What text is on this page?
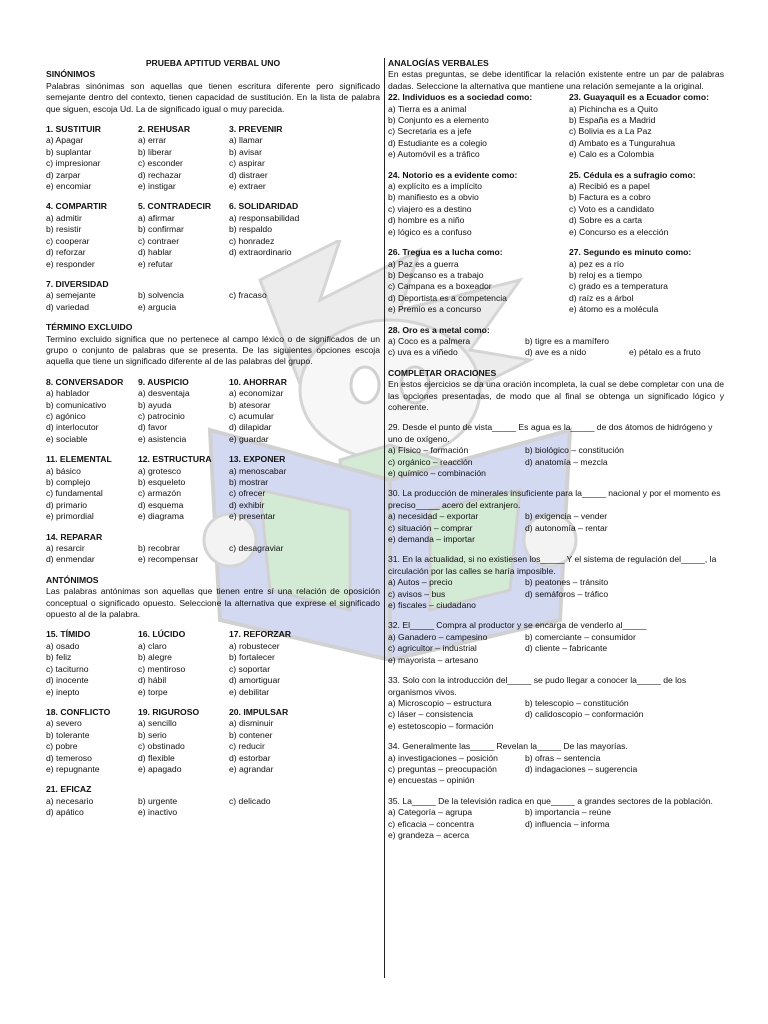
PRUEBA APTITUD VERBAL UNO
SINÓNIMOS
Palabras sinónimas son aquellas que tienen escritura diferente pero significado semejante dentro del contexto, tienen capacidad de sustitución. En la lista de palabra que siguen, escoja Ud. La de significado igual o muy parecida.
1. SUSTITUIR
a) Apagar
b) suplantar
c) impresionar
d) zarpar
e) encomiar
2. REHUSAR
a) errar
b) liberar
c) esconder
d) rechazar
e) instigar
3. PREVENIR
a) llamar
b) avisar
c) aspirar
d) distraer
e) extraer
4. COMPARTIR
a) admitir
b) resistir
c) cooperar
d) reforzar
e) responder
5. CONTRADECIR
a) afirmar
b) confirmar
c) contraer
d) hablar
e) refutar
6. SOLIDARIDAD
a) responsabilidad
b) respaldo
c) honradez
d) extraordinario

7. DIVERSIDAD
a) semejante	b) solvencia	c) fracaso
d) variedad	e) argucia
TÉRMINO EXCLUIDO
Termino excluido significa que no pertenece al campo léxico o de significados de un grupo o conjunto de palabras que se presenta. De las siguientes opciones escoja aquella que tiene un significado diferente al de las palabras del grupo.
8. CONVERSADOR
a) hablador
b) comunicativo
c) agónico
d) interlocutor
e) sociable
9. AUSPICIO
a) desventaja
b) ayuda
c) patrocinio
d) favor
e) asistencia
10. AHORRAR
a) economizar
b) atesorar
c) acumular
d) dilapidar
e) guardar
11. ELEMENTAL
a) básico
b) complejo
c) fundamental
d) primario
e) primordial
12. ESTRUCTURA
a) grotesco
b) esqueleto
c) armazón
d) esquema
e) diagrama
13. EXPONER
a) menoscabar
b) mostrar
c) ofrecer
d) exhibir
e) presentar
14. REPARAR
a) resarcir	b) recobrar	c) desagraviar
d) enmendar	e) recompensar
ANTÓNIMOS
Las palabras antónimas son aquellas que tienen entre sí una relación de oposición conceptual o significado opuesto. Seleccione la alternativa que exprese el significado opuesto al de la palabra.
15. TÍMIDO
a) osado
b) feliz
c) taciturno
d) inocente
e) inepto
16. LÚCIDO
a) claro
b) alegre
c) mentiroso
d) hábil
e) torpe
17. REFORZAR
a) robustecer
b) fortalecer
c) soportar
d) amortiguar
e) debilitar
18. CONFLICTO
a) severo
b) tolerante
c) pobre
d) temeroso
e) repugnante
19. RIGUROSO
a) sencillo
b) serio
c) obstinado
d) flexible
e) apagado
20. IMPULSAR
a) disminuir
b) contener
c) reducir
d) estorbar
e) agrandar
21. EFICAZ
a) necesario	b) urgente	c) delicado
d) apático	e) inactivo
ANALOGÍAS VERBALES
En estas preguntas, se debe identificar la relación existente entre un par de palabras dadas. Seleccione la alternativa que mantiene una relación semejante a la original.
22. Individuos es a sociedad como:
a) Tierra es a animal
b) Conjunto es a elemento
c) Secretaria es a jefe
d) Estudiante es a colegio
e) Automóvil es a tráfico
23. Guayaquil es a Ecuador como:
a) Pichincha es a Quito
b) España es a Madrid
c) Bolivia es a La Paz
d) Ambato es a Tungurahua
e) Calo es a Colombia
24. Notorio es a evidente como:
a) explícito es a implícito
b) manifiesto es a obvio
c) viajero es a destino
d) hombre es a niño
e) lógico es a confuso
25. Cédula es a sufragio como:
a) Recibió es a papel
b) Factura es a cobro
c) Voto es a candidato
d) Sobre es a carta
e) Concurso es a elección
26. Tregua es a lucha como:
a) Paz es a guerra
b) Descanso es a trabajo
c) Campana es a boxeador
d) Deportista es a competencia
e) Premio es a concurso
27. Segundo es minuto como:
a) pez es a río
b) reloj es a tiempo
c) grado es a temperatura
d) raíz es a árbol
e) átomo es a molécula
28. Oro es a metal como:
a) Coco es a palmera	b) tigre es a mamífero
c) uva es a viñedo	d) ave es a nido	e) pétalo es a fruto
COMPLETAR ORACIONES
En estos ejercicios se da una oración incompleta, la cual se debe completar con una de las opciones presentadas, de modo que al final se obtenga un significado lógico y coherente.
29. Desde el punto de vista_____ Es agua es la_____ de dos átomos de hidrógeno y uno de oxígeno.
a) Físico – formación	b) biológico – constitución
c) orgánico – reacción	d) anatomía – mezcla
e) químico – combinación
30. La producción de minerales insuficiente para la_____ nacional y por el momento es preciso_____ acero del extranjero.
a) necesidad – exportar	b) exigencia – vender
c) situación – comprar	d) autonomía – rentar
e) demanda – importar
31. En la actualidad, si no existiesen los_____ Y el sistema de regulación del_____, la circulación por las calles se haría imposible.
a) Autos – precio	b) peatones – tránsito
c) avisos – bus	d) semáforos – tráfico
e) fiscales – ciudadano
32. El_____ Compra al productor y se encarga de venderlo al_____
a) Ganadero – campesino	b) comerciante – consumidor
c) agricultor – industrial	d) cliente – fabricante
e) mayorista – artesano
33. Solo con la introducción del_____ se pudo llegar a conocer la_____ de los organismos vivos.
a) Microscopio – estructura	b) telescopio – constitución
c) láser – consistencia	d) calidoscopio – conformación
e) estetoscopio – formación
34. Generalmente las_____ Revelan la_____ De las mayorías.
a) investigaciones – posición	b) ofras – sentencia
c) preguntas – preocupación	d) indagaciones – sugerencia
e) encuestas – opinión
35. La_____ De la televisión radica en que_____ a grandes sectores de la población.
a) Categoría – agrupa	b) importancia – reúne
c) eficacia – concentra	d) influencia – informa
e) grandeza – acerca
